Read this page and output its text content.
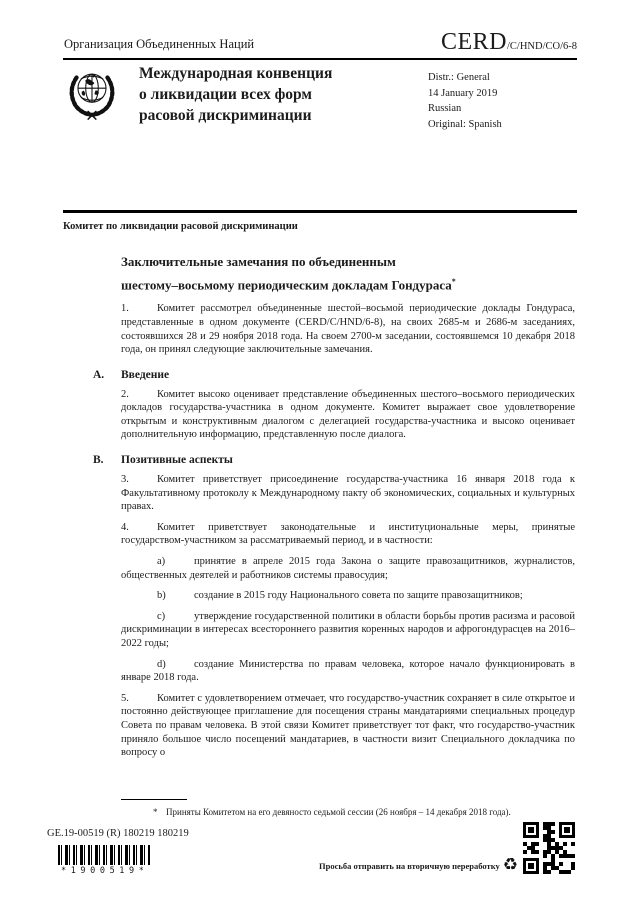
Организация Объединенных Наций	CERD/C/HND/CO/6-8
Международная конвенция
о ликвидации всех форм
расовой дискриминации
Distr.: General
14 January 2019
Russian
Original: Spanish
Комитет по ликвидации расовой дискриминации
Заключительные замечания по объединенным
шестому–восьмому периодическим докладам Гондураса*

1.	Комитет рассмотрел объединенные шестой–восьмой периодические доклады Гондураса, представленные в одном документе (CERD/C/HND/6-8), на своих 2685-м и 2686-м заседаниях, состоявшихся 28 и 29 ноября 2018 года. На своем 2700-м заседании, состоявшемся 10 декабря 2018 года, он принял следующие заключительные замечания.

A. Введение

2.	Комитет высоко оценивает представление объединенных шестого–восьмого периодических докладов государства-участника в одном документе. Комитет выражает свое удовлетворение открытым и конструктивным диалогом с делегацией государства-участника и высоко оценивает дополнительную информацию, представленную после диалога.

B. Позитивные аспекты

3.	Комитет приветствует присоединение государства-участника 16 января 2018 года к Факультативному протоколу к Международному пакту об экономических, социальных и культурных правах.

4.	Комитет приветствует законодательные и институциональные меры, принятые государством-участником за рассматриваемый период, и в частности:

a)	принятие в апреле 2015 года Закона о защите правозащитников, журналистов, общественных деятелей и работников системы правосудия;

b)	создание в 2015 году Национального совета по защите правозащитников;

c)	утверждение государственной политики в области борьбы против расизма и расовой дискриминации в интересах всестороннего развития коренных народов и афрогондурасцев на 2016–2022 годы;

d)	создание Министерства по правам человека, которое начало функционировать в январе 2018 года.

5.	Комитет с удовлетворением отмечает, что государство-участник сохраняет в силе открытое и постоянно действующее приглашение для посещения страны мандатариями специальных процедур Совета по правам человека. В этой связи Комитет приветствует тот факт, что государство-участник приняло большое число посещений мандатариев, в частности визит Специального докладчика по вопросу о

* Приняты Комитетом на его девяносто седьмой сессии (26 ноября – 14 декабря 2018 года).
GE.19-00519 (R) 180219 180219
*1900519*
Просьба отправить на вторичную переработку ♻
